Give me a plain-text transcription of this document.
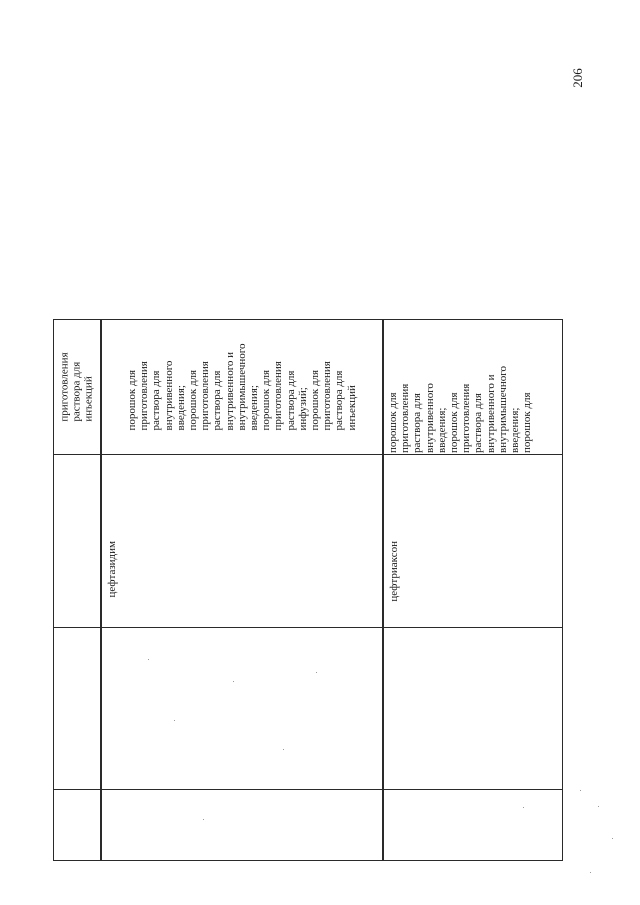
206
приготовления
раствора для
инъекций	порошок для
приготовления
раствора для
внутривенного
введения;
порошок для
приготовления
раствора для
внутривенного и
внутримышечного
введения;
порошок для
приготовления
раствора для
инфузий;
порошок для
приготовления
раствора для
инъекций
цефтазидим
порошок для
приготовления
раствора для
внутривенного
введения;
порошок для
приготовления
раствора для
внутривенного и
внутримышечного
введения;
порошок для
цефтриаксон
